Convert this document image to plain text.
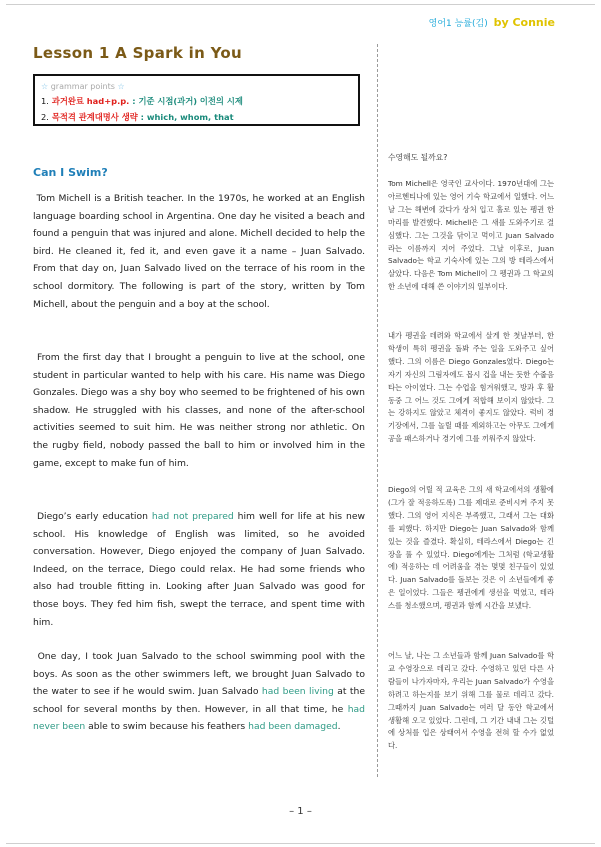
영어1 능률(김) by Connie
Lesson 1 A Spark in You
☆ grammar points ☆
1. 과거완료 had+p.p. : 기준 시점(과거) 이전의 시제
2. 목적격 관계대명사 생략 : which, whom, that
Can I Swim?
Tom Michell is a British teacher. In the 1970s, he worked at an English language boarding school in Argentina. One day he visited a beach and found a penguin that was injured and alone. Michell decided to help the bird. He cleaned it, fed it, and even gave it a name – Juan Salvado. From that day on, Juan Salvado lived on the terrace of his room in the school dormitory. The following is part of the story, written by Tom Michell, about the penguin and a boy at the school.
From the first day that I brought a penguin to live at the school, one student in particular wanted to help with his care. His name was Diego Gonzales. Diego was a shy boy who seemed to be frightened of his own shadow. He struggled with his classes, and none of the after-school activities seemed to suit him. He was neither strong nor athletic. On the rugby field, nobody passed the ball to him or involved him in the game, except to make fun of him.
Diego’s early education had not prepared him well for life at his new school. His knowledge of English was limited, so he avoided conversation. However, Diego enjoyed the company of Juan Salvado. Indeed, on the terrace, Diego could relax. He had some friends who also had trouble fitting in. Looking after Juan Salvado was good for those boys. They fed him fish, swept the terrace, and spent time with him.
One day, I took Juan Salvado to the school swimming pool with the boys. As soon as the other swimmers left, we brought Juan Salvado to the water to see if he would swim. Juan Salvado had been living at the school for several months by then. However, in all that time, he had never been able to swim because his feathers had been damaged.
수영해도 될까요?
Tom Michell은 영국인 교사이다. 1970년대에 그는 아르헨티나에 있는 영어 기숙 학교에서 일했다. 어느 날 그는 해변에 갔다가 상처 입고 홀로 있는 펭귄 한 마리를 발견했다. Michell은 그 새를 도와주기로 결심했다. 그는 그것을 닦이고 먹이고 Juan Salvado라는 이름까지 지어 주었다. 그날 이후로, Juan Salvado는 학교 기숙사에 있는 그의 방 테라스에서 살았다. 다음은 Tom Michell이 그 펭귄과 그 학교의 한 소년에 대해 쓴 이야기의 일부이다.
내가 펭귄을 데려와 학교에서 살게 한 첫날부터, 한 학생이 특히 펭귄을 돌봐 주는 일을 도와주고 싶어 했다. 그의 이름은 Diego Gonzales였다. Diego는 자기 자신의 그림자에도 몹시 겁을 내는 듯한 수줍음 타는 아이였다. 그는 수업을 힘겨워했고, 방과 후 활동중 그 어느 것도 그에게 적합해 보이지 않았다. 그는 강하지도 않았고 체격이 좋지도 않았다. 럭비 경기장에서, 그를 놀릴 때를 제외하고는 아무도 그에게 공을 패스하거나 경기에 그를 끼워주지 않았다.
Diego의 어릴 적 교육은 그의 새 학교에서의 생활에 (그가 잘 적응하도록) 그를 제대로 준비시켜 주지 못했다. 그의 영어 지식은 부족했고, 그래서 그는 대화를 피했다. 하지만 Diego는 Juan Salvado와 함께 있는 것을 즐겼다. 확실히, 테라스에서 Diego는 긴장을 풀 수 있었다. Diego에게는 그처럼 (학교생활에) 적응하는 데 어려움을 겪는 몇몇 친구들이 있었다. Juan Salvado를 돌보는 것은 이 소년들에게 좋은 일이었다. 그들은 펭귄에게 생선을 먹였고, 테라스를 청소했으며, 펭귄과 함께 시간을 보냈다.
어느 날, 나는 그 소년들과 함께 Juan Salvado를 학교 수영장으로 데리고 갔다. 수영하고 있던 다른 사람들이 나가자마자, 우리는 Juan Salvado가 수영을 하려고 하는지를 보기 위해 그를 물로 데리고 갔다. 그때까지 Juan Salvado는 여러 달 동안 학교에서 생활해 오고 있었다. 그런데, 그 기간 내내 그는 깃털에 상처를 입은 상태여서 수영을 전혀 할 수가 없었다.
– 1 –
